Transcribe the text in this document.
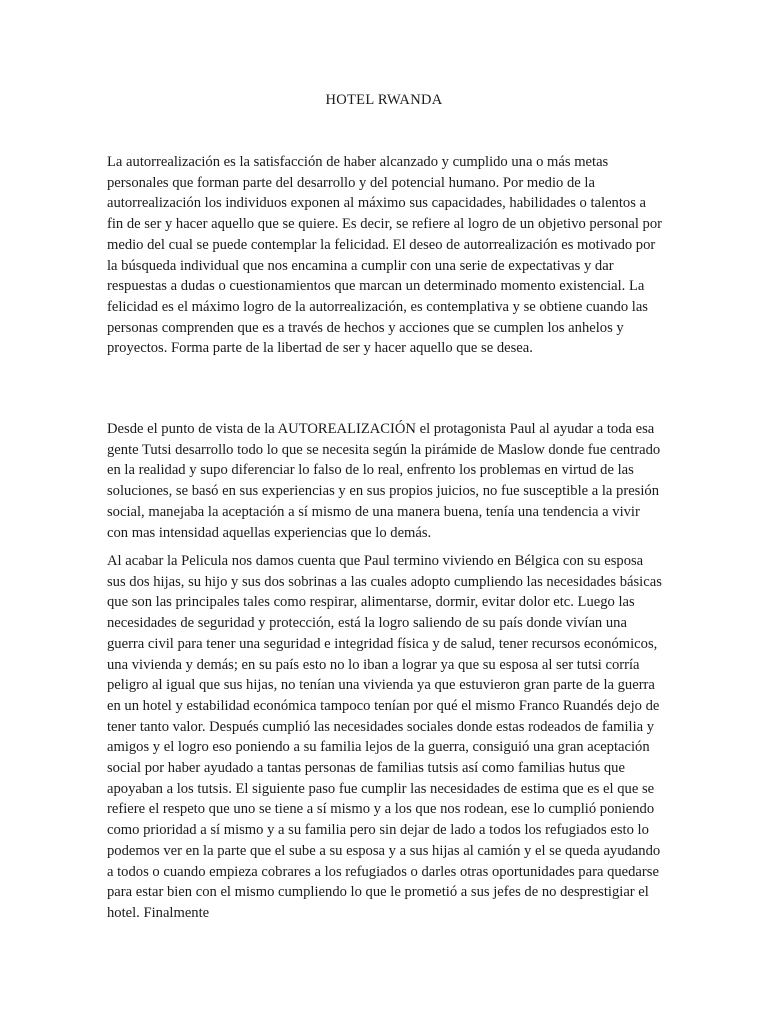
HOTEL RWANDA

La autorrealización es la satisfacción de haber alcanzado y cumplido una o más metas personales que forman parte del desarrollo y del potencial humano. Por medio de la autorrealización los individuos exponen al máximo sus capacidades, habilidades o talentos a fin de ser y hacer aquello que se quiere. Es decir, se refiere al logro de un objetivo personal por medio del cual se puede contemplar la felicidad. El deseo de autorrealización es motivado por la búsqueda individual que nos encamina a cumplir con una serie de expectativas y dar respuestas a dudas o cuestionamientos que marcan un determinado momento existencial. La felicidad es el máximo logro de la autorrealización, es contemplativa y se obtiene cuando las personas comprenden que es a través de hechos y acciones que se cumplen los anhelos y proyectos. Forma parte de la libertad de ser y hacer aquello que se desea.

Desde el punto de vista de la AUTOREALIZACIÓN el protagonista Paul al ayudar a toda esa gente Tutsi desarrollo todo lo que se necesita según la pirámide de Maslow donde fue centrado en la realidad y supo diferenciar lo falso de lo real, enfrento los problemas en virtud de las soluciones, se basó en sus experiencias y en sus propios juicios, no fue susceptible a la presión social, manejaba la aceptación a sí mismo de una manera buena, tenía una tendencia a vivir con mas intensidad aquellas experiencias que lo demás.

Al acabar la Pelicula nos damos cuenta que Paul termino viviendo en Bélgica con su esposa sus dos hijas, su hijo y sus dos sobrinas a las cuales adopto cumpliendo las necesidades básicas que son las principales tales como respirar, alimentarse, dormir, evitar dolor etc. Luego las necesidades de seguridad y protección, está la logro saliendo de su país donde vivían una guerra civil para tener una seguridad e integridad física y de salud, tener recursos económicos, una vivienda y demás; en su país esto no lo iban a lograr ya que su esposa al ser tutsi corría peligro al igual que sus hijas, no tenían una vivienda ya que estuvieron gran parte de la guerra en un hotel y estabilidad económica tampoco tenían por qué el mismo Franco Ruandés dejo de tener tanto valor. Después cumplió las necesidades sociales donde estas rodeados de familia y amigos y el logro eso poniendo a su familia lejos de la guerra, consiguió una gran aceptación social por haber ayudado a tantas personas de familias tutsis así como familias hutus que apoyaban a los tutsis. El siguiente paso fue cumplir las necesidades de estima que es el que se refiere el respeto que uno se tiene a sí mismo y a los que nos rodean, ese lo cumplió poniendo como prioridad a sí mismo y a su familia pero sin dejar de lado a todos los refugiados esto lo podemos ver en la parte que el sube a su esposa y a sus hijas al camión y el se queda ayudando a todos o cuando empieza cobrares a los refugiados o darles otras oportunidades para quedarse para estar bien con el mismo cumpliendo lo que le prometió a sus jefes de no desprestigiar el hotel. Finalmente
